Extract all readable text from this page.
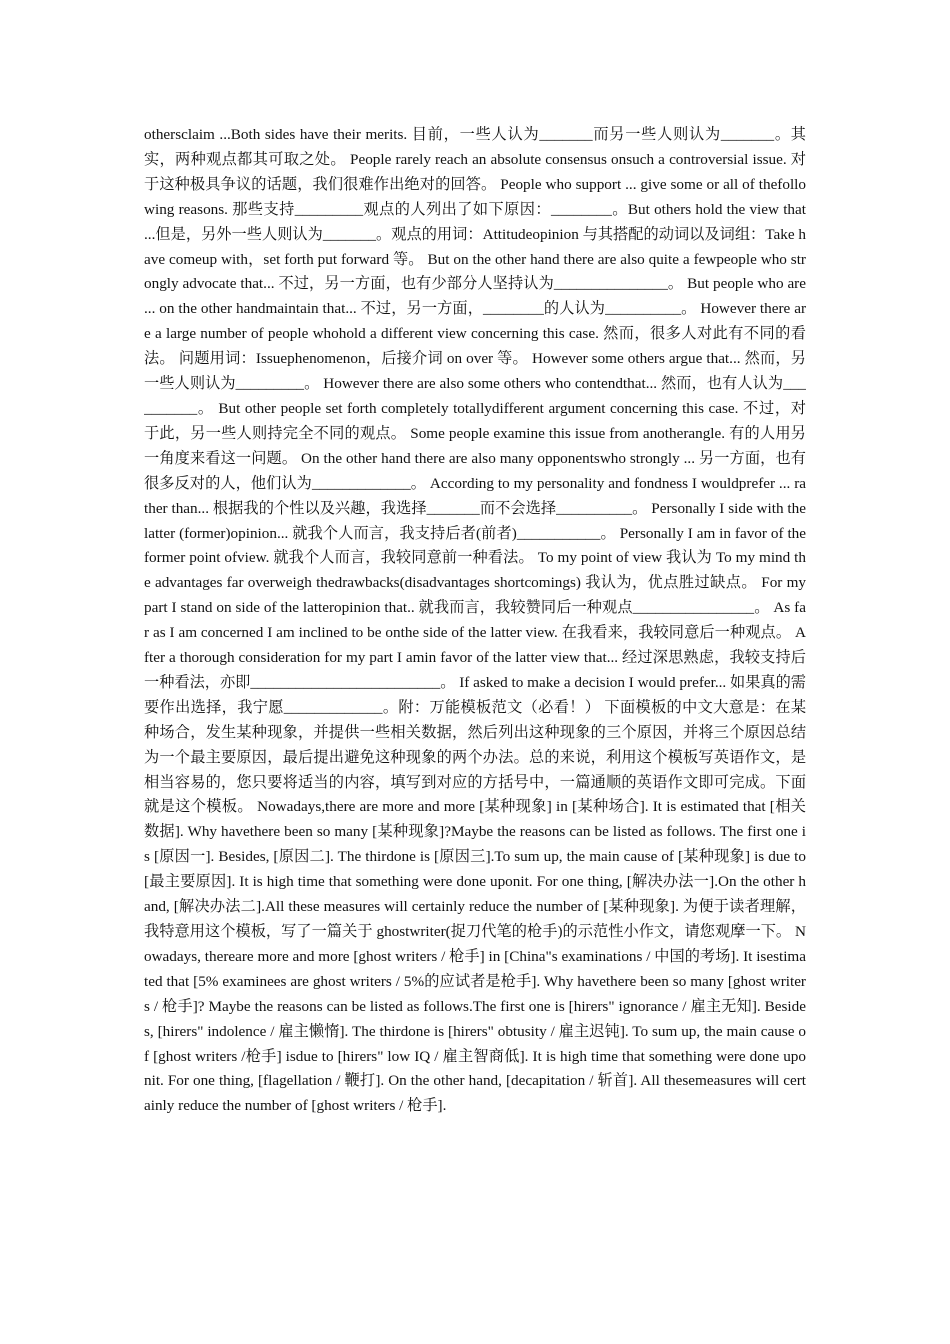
othersclaim ...Both sides have their merits. 目前，一些人认为_______而另一些人则认为_______。其实，两种观点都其可取之处。 People rarely reach an absolute consensus onsuch a controversial issue. 对于这种极具争议的话题，我们很难作出绝对的回答。 People who support ... give some or all of thefollowing reasons. 那些支持_________观点的人列出了如下原因：________。But others hold the view that ...但是，另外一些人则认为_______。观点的用词：Attitudeopinion 与其搭配的动词以及词组：Take have comeup with，set forth put forward 等。 But on the other hand there are also quite a fewpeople who strongly advocate that... 不过，另一方面，也有少部分人坚持认为_______________。 But people who are ... on the other handmaintain that... 不过，另一方面，________的人认为__________。 However there are a large number of people whohold a different view concerning this case. 然而，很多人对此有不同的看法。 问题用词：Issuephenomenon，后接介词 on over 等。 However some others argue that... 然而，另一些人则认为_________。 However there are also some others who contendthat... 然而，也有人认为__________。 But other people set forth completely totallydifferent argument concerning this case. 不过，对于此，另一些人则持完全不同的观点。 Some people examine this issue from anotherangle. 有的人用另一角度来看这一问题。 On the other hand there are also many opponentswho strongly ... 另一方面，也有很多反对的人，他们认为_____________。 According to my personality and fondness I wouldprefer ... rather than... 根据我的个性以及兴趣，我选择_______而不会选择__________。 Personally I side with the latter (former)opinion... 就我个人而言，我支持后者(前者)___________。 Personally I am in favor of the former point ofview. 就我个人而言，我较同意前一种看法。 To my point of view 我认为 To my mind the advantages far overweigh thedrawbacks(disadvantages shortcomings) 我认为，优点胜过缺点。 For my part I stand on side of the latteropinion that.. 就我而言，我较赞同后一种观点________________。 As far as I am concerned I am inclined to be onthe side of the latter view. 在我看来，我较同意后一种观点。 After a thorough consideration for my part I amin favor of the latter view that... 经过深思熟虑，我较支持后一种看法，亦即_________________________。 If asked to make a decision I would prefer... 如果真的需要作出选择，我宁愿_____________。附：万能模板范文（必看！） 下面模板的中文大意是：在某种场合，发生某种现象，并提供一些相关数据，然后列出这种现象的三个原因，并将三个原因总结为一个最主要原因，最后提出避免这种现象的两个办法。总的来说，利用这个模板写英语作文，是相当容易的，您只要将适当的内容，填写到对应的方括号中，一篇通顺的英语作文即可完成。下面就是这个模板。 Nowadays,there are more and more [某种现象] in [某种场合]. It is estimated that [相关数据]. Why havethere been so many [某种现象]?Maybe the reasons can be listed as follows. The first one is [原因一]. Besides, [原因二]. The thirdone is [原因三].To sum up, the main cause of [某种现象] is due to [最主要原因]. It is high time that something were done uponit. For one thing, [解决办法一].On the other hand, [解决办法二].All these measures will certainly reduce the number of [某种现象]. 为便于读者理解，我特意用这个模板，写了一篇关于 ghostwriter(捉刀代笔的枪手)的示范性小作文，请您观摩一下。 Nowadays, thereare more and more [ghost writers / 枪手] in [China"s examinations / 中国的考场]. It isestimated that [5% examinees are ghost writers / 5%的应试者是枪手]. Why havethere been so many [ghost writers / 枪手]? Maybe the reasons can be listed as follows.The first one is [hirers" ignorance / 雇主无知]. Besides, [hirers" indolence / 雇主懒惰]. The thirdone is [hirers" obtusity / 雇主迟钝]. To sum up, the main cause of [ghost writers /枪手] isdue to [hirers" low IQ / 雇主智商低]. It is high time that something were done uponit. For one thing, [flagellation / 鞭打]. On the other hand, [decapitation / 斩首]. All thesemeasures will certainly reduce the number of [ghost writers / 枪手].
